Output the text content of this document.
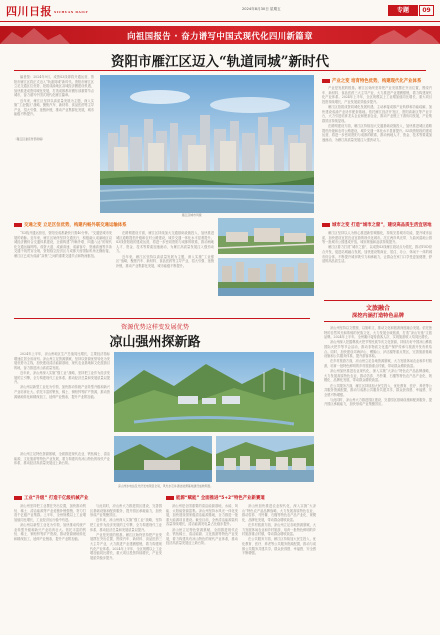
四川日报 SICHUAN DAILY
2024年8月30日 星期五	专题	09
向祖国报告 · 奋力谱写中国式现代化四川新篇章
资阳市雁江区迈入“轨道同城”新时代

编者按：2024年9月，成资S3线即将开通运营，资阳市雁江区将正式迈入“轨道同城”新时代。资阳市雁江区立足交通区位优势，抢抓成渝地区双城经济圈建设机遇，加快推进成资同城化发展，打造成都都市圈东部重要节点城市，奋力谱写中国式现代化雁江篇章。

近年来，雁江区坚持以高质量发展为主题，深入实施“工业强区”战略，聚焦汽车、新材料、食品医药等主导产业，招大引强、延链补链，推动产业集群化发展，城市能级不断提升。

（雁江区委宣传部供稿）
雁江区城市风貌
产业之变 培育特色优势，构建现代化产业体系

产业是发展的根基。雁江区始终坚持把产业发展摆在突出位置，围绕汽车、新材料、食品医药三大主导产业，大力推进产业建圈强链，着力构建现代化产业体系。2024年上半年，全区规模以上工业增加值同比增长，重大项目投资持续增长，产业发展质效稳步提升。

雁江区抢抓成资同城化发展机遇，主动承接成都产业转移和功能疏解，加快建设成渝产业协作配套基地。依托雁江经济开发区、资阳高新区等产业平台，大力引进培育龙头企业和配套企业，推动产业链上下游协同发展，产业集群效应持续显现。

在路网建设方面，雁江区持续加大交通基础设施投入，加快推进城区道路提档升级和农村公路建设，城乡交通一体化水平显著提升。S3线资阳段的建成运营，将进一步密切资阳与成都的联系，推动两地人才、资金、技术等要素加速流动，为雁江高质量发展注入强劲动力。

交通之变 立足区位优势，构建内畅外联交通运输体系

“S3线开通运营后，资阳至成都最快只需40分钟。”交通是城市发展的命脉。近年来，雁江区始终坚持交通先行，积极融入成渝地区双城经济圈综合交通体系建设，全面构建“内畅外联、四通八达”的现代化交通运输网络。成资大道、成渝高速、成渝客专、资潼高速等多条交通干线贯穿全境，资阳临空经济区与成都天府国际机场无缝衔接，雁江区已成为成渝“双核”之间的重要交通节点和物流枢纽。

在路网建设方面，雁江区持续加大交通基础设施投入，加快推进城区道路提档升级和农村公路建设，城乡交通一体化水平显著提升。S3线资阳段的建成运营，将进一步密切资阳与成都的联系，推动两地人才、资金、技术等要素加速流动，为雁江高质量发展注入强劲动力。

近年来，雁江区坚持以高质量发展为主题，深入实施“工业强区”战略，聚焦汽车、新材料、食品医药等主导产业，招大引强、延链补链，推动产业集群化发展，城市能级不断提升。

城市之变 打造“城市之窗”，建设高品质生活宜居地

雁江区坚持以人为核心推进新型城镇化，持续完善城市功能，提升城市品质，加快建设宜居宜业宜游的现代化城市。沱江两岸风光带、九曲河湿地公园等一批城市公园建成开放，城市颜值和品质持续提升。

雁江区着力打造“城市之窗”，以成资S3线雁江段站点为依托，推动TOD综合开发，促进站城融合发展，加快建设集商业、居住、办公、休闲于一体的城市综合体，不断提升城市吸引力和承载力，让群众在家门口享受更加便捷、舒适的高品质生活。

资源优势这样变发展优势
凉山强州探新路
文旅融合
深挖内涵打造特色品牌

凉山州坚持以文塑旅、以旅彰文，推动文化和旅游深度融合发展。依托独特的自然风光和浓郁的民族文化，大力发展全域旅游，打造“凉山安逸”文旅品牌。2024年上半年，全州累计接待游客人次、实现旅游收入均同比增长。

凉山州深入挖掘彝族火把节等民族节庆文化资源，持续办好中国凉山彝族国际火把节等节会活动，推动非物质文化遗产保护传承与旅游开发有机结合。同时，加快建设邛海泸山、螺髻山、泸沽湖等重点景区，完善旅游基础设施和公共服务体系，提升游客体验。

在乡村旅游方面，凉山州立足各地资源禀赋，大力发展休闲农业和乡村旅游，培育一批特色鲜明的乡村旅游重点村镇，带动群众增收致富。

凉山州加快推进农业现代化，深入实施“大凉山”特色农产品品牌战略，大力发展高原特色农业，推动苦荞、马铃薯、石榴等特色农产品产业化、规模化、品牌化发展，带动群众增收致富。

在公共服务方面，雁江区持续加大民生投入，优化教育、医疗、养老等公共服务资源配置，推动与成都公共服务共建共享，群众获得感、幸福感、安全感不断增强。

与此同时，凉山州大力推进园区建设，完善园区基础设施和配套服务，提升园区承载能力，加快形成产业集聚效应。

2024年上半年，凉山州地区生产总值同比增长，主要经济指标增速位居全省前列。凉山州立足资源禀赋，坚持以资源优势转化为发展优势为主线，加快建设清洁能源基地、现代农业基地和文化旅游目的地，奋力推进凉山高质量发展。

近年来，凉山州深入实施“强工业”战略，坚持把工业作为经济发展的主引擎，全力构建现代工业体系，推动经济总量和发展质量双提升。

凉山州以新型工业化为引领，加快推动传统产业转型升级和新兴产业培育壮大。依托丰富的钒钛、稀土、铜铅锌等矿产资源，推动资源就地转化和精深加工，延伸产业链条，提升产业附加值。

凉山州水电站及光伏发电项目全景，风光水互补清洁能源基地建设成效明显。

凉山州立足特色资源禀赋，全面推进现代农业、钒钛稀土、清洁能源、文化旅游等特色产业发展，着力构建具有凉山特色的现代产业体系，推动经济高质量发展迈上新台阶。

工业“升级” 打造千亿级机械产业	能源“赋能” 全面推进“5+2”特色产业新赛道

凉山州坚持把工业摆在突出位置，加快推动钒钛、稀土、清洁能源等产业延链补链强链，努力打造千亿级产业集群。上半年，全州规模以上工业增加值同比增长，工业经济运行稳中有进。

凉山州以新型工业化为引领，加快推动传统产业转型升级和新兴产业培育壮大。依托丰富的钒钛、稀土、铜铅锌等矿产资源，推动资源就地转化和精深加工，延伸产业链条，提升产业附加值。

与此同时，凉山州大力推进园区建设，完善园区基础设施和配套服务，提升园区承载能力，加快形成产业集聚效应。

近年来，凉山州深入实施“强工业”战略，坚持把工业作为经济发展的主引擎，全力构建现代工业体系，推动经济总量和发展质量双提升。

产业是发展的根基。雁江区始终坚持把产业发展摆在突出位置，围绕汽车、新材料、食品医药三大主导产业，大力推进产业建圈强链，着力构建现代化产业体系。2024年上半年，全区规模以上工业增加值同比增长，重大项目投资持续增长，产业发展质效稳步提升。

凉山州是全国重要的清洁能源基地，水能、风能、太阳能资源富集。凉山州坚持水风光一体化发展，加快建设国家级清洁能源基地，全力推进一批重大能源项目建设。截至目前，全州清洁能源装机容量持续增长，清洁能源发电量占比稳步提升。

凉山州立足特色资源禀赋，全面推进现代农业、钒钛稀土、清洁能源、文化旅游等特色产业发展，着力构建具有凉山特色的现代产业体系，推动经济高质量发展迈上新台阶。

凉山州加快推进农业现代化，深入实施“大凉山”特色农产品品牌战略，大力发展高原特色农业，推动苦荞、马铃薯、石榴等特色农产品产业化、规模化、品牌化发展，带动群众增收致富。

在乡村旅游方面，凉山州立足各地资源禀赋，大力发展休闲农业和乡村旅游，培育一批特色鲜明的乡村旅游重点村镇，带动群众增收致富。

在公共服务方面，雁江区持续加大民生投入，优化教育、医疗、养老等公共服务资源配置，推动与成都公共服务共建共享，群众获得感、幸福感、安全感不断增强。
